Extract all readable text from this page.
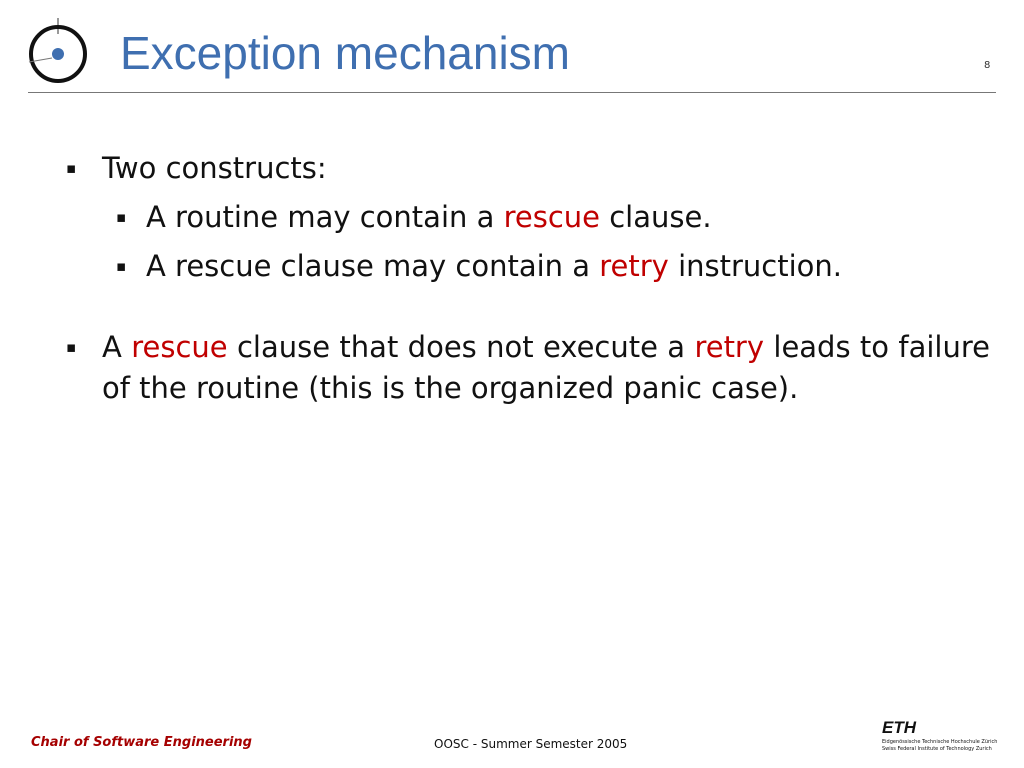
Exception mechanism	8
▪ Two constructs:
▪ A routine may contain a rescue clause.
▪ A rescue clause may contain a retry instruction.
▪ A rescue clause that does not execute a retry leads to failure of the routine (this is the organized panic case).
Chair of Software Engineering	OOSC - Summer Semester 2005
ETH
Eidgenössische Technische Hochschule Zürich
Swiss Federal Institute of Technology Zurich
